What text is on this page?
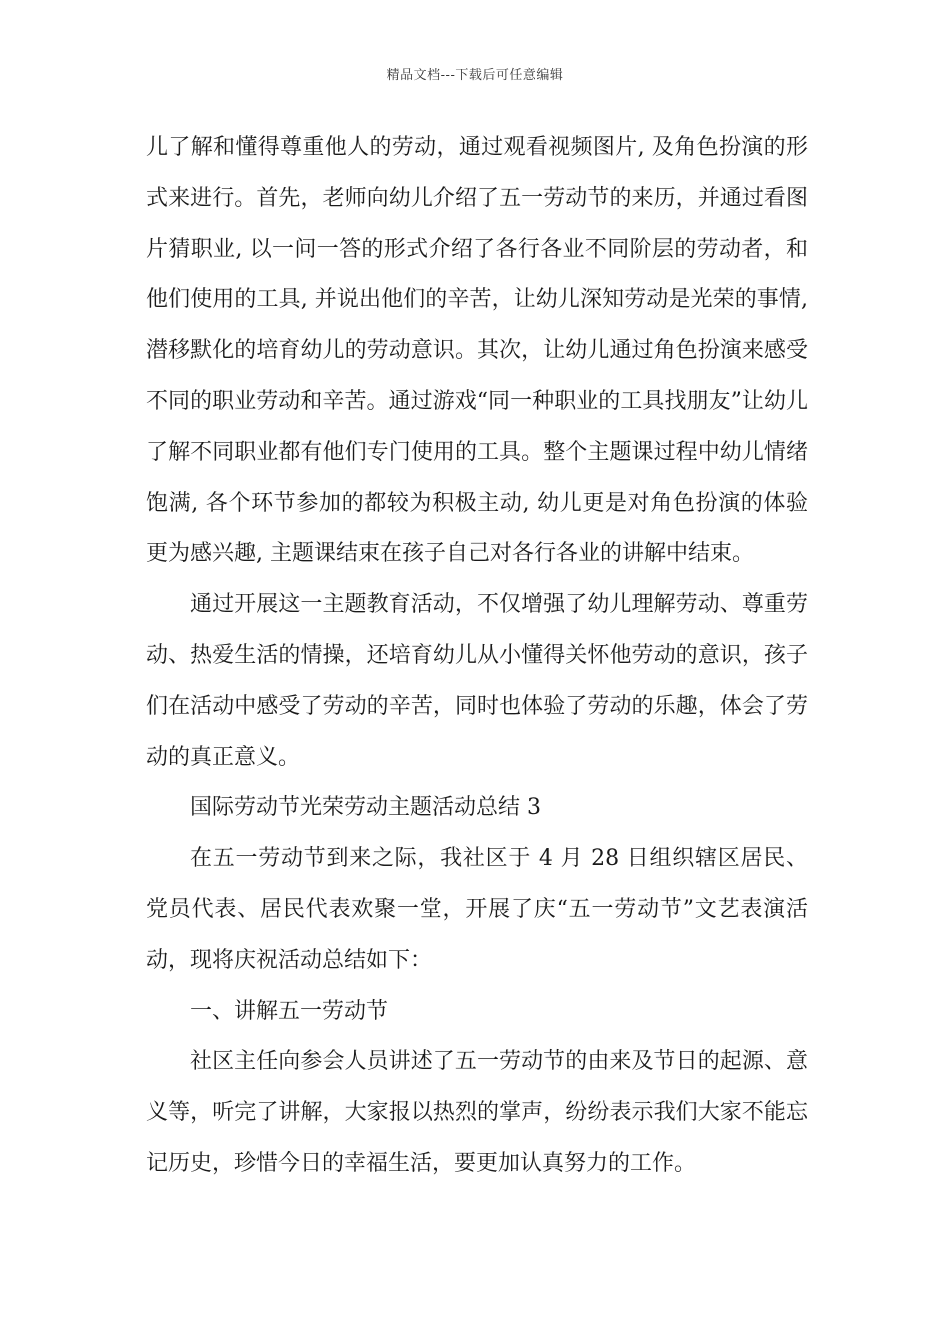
精品文档---下载后可任意编辑

儿了解和懂得尊重他人的劳动，通过观看视频图片, 及角色扮演的形式来进行。首先，老师向幼儿介绍了五一劳动节的来历，并通过看图片猜职业, 以一问一答的形式介绍了各行各业不同阶层的劳动者，和他们使用的工具, 并说出他们的辛苦，让幼儿深知劳动是光荣的事情, 潜移默化的培育幼儿的劳动意识。其次，让幼儿通过角色扮演来感受不同的职业劳动和辛苦。通过游戏“同一种职业的工具找朋友”让幼儿了解不同职业都有他们专门使用的工具。整个主题课过程中幼儿情绪饱满, 各个环节参加的都较为积极主动, 幼儿更是对角色扮演的体验更为感兴趣, 主题课结束在孩子自己对各行各业的讲解中结束。

通过开展这一主题教育活动，不仅增强了幼儿理解劳动、尊重劳动、热爱生活的情操，还培育幼儿从小懂得关怀他劳动的意识，孩子们在活动中感受了劳动的辛苦，同时也体验了劳动的乐趣，体会了劳动的真正意义。

国际劳动节光荣劳动主题活动总结 3

在五一劳动节到来之际，我社区于 4 月 28 日组织辖区居民、党员代表、居民代表欢聚一堂，开展了庆“五一劳动节”文艺表演活动，现将庆祝活动总结如下：

一、讲解五一劳动节

社区主任向参会人员讲述了五一劳动节的由来及节日的起源、意义等，听完了讲解，大家报以热烈的掌声，纷纷表示我们大家不能忘记历史，珍惜今日的幸福生活，要更加认真努力的工作。
